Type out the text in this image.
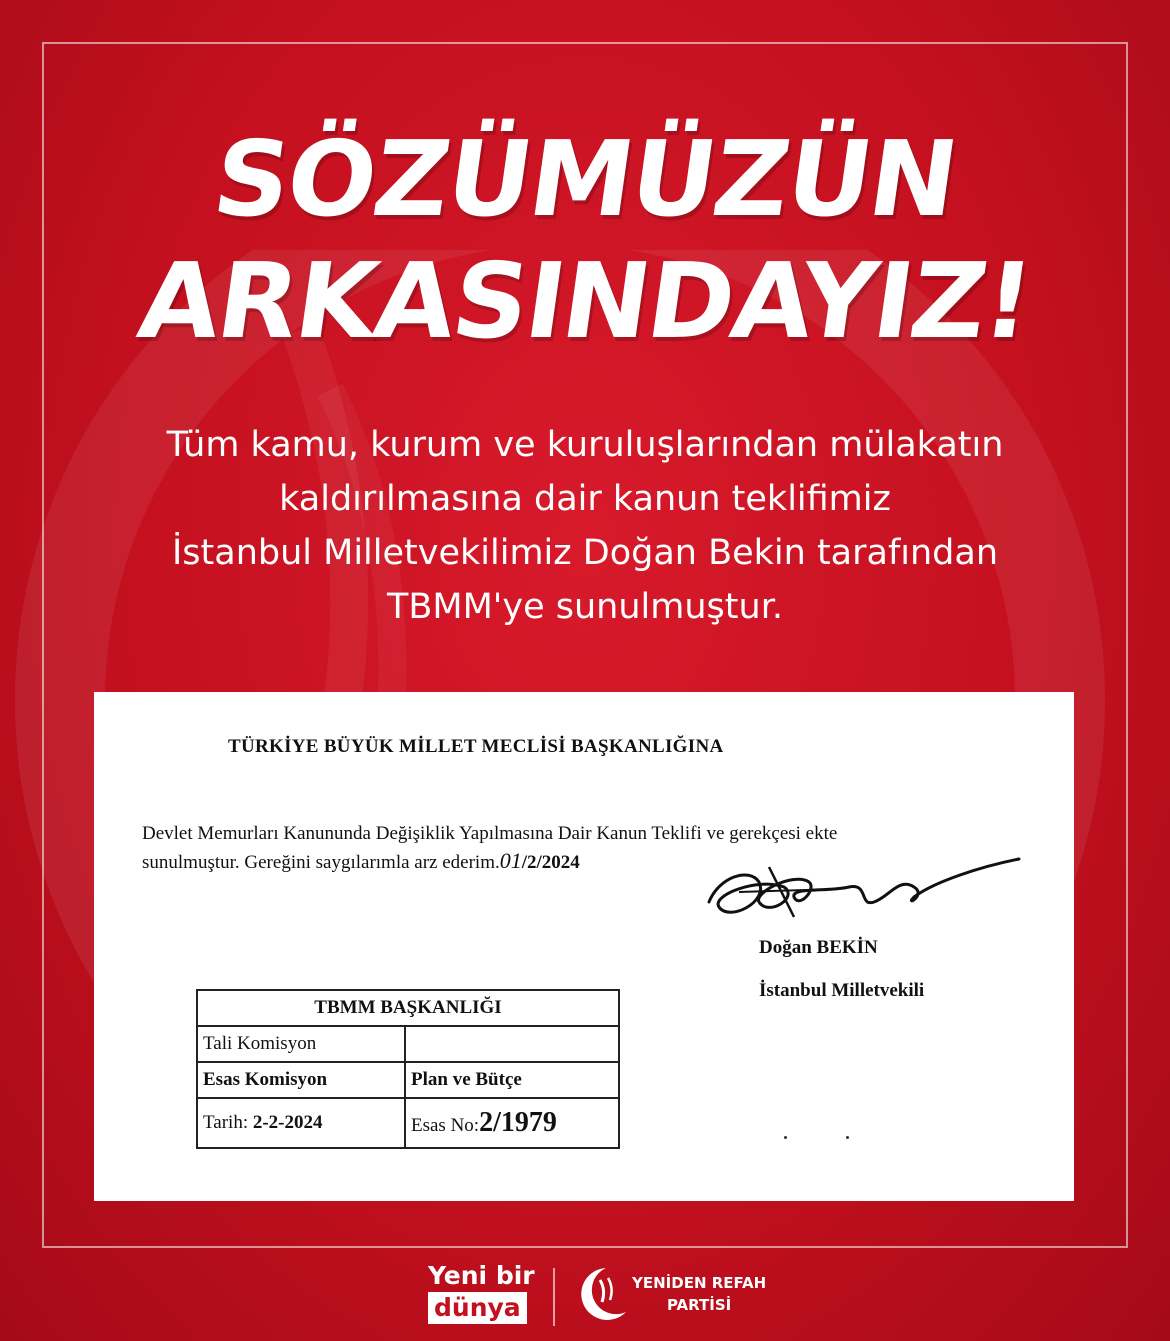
SÖZÜMÜZÜN
ARKASINDAYIZ!
Tüm kamu, kurum ve kuruluşlarından mülakatın
kaldırılmasına dair kanun teklifimiz
İstanbul Milletvekilimiz Doğan Bekin tarafından
TBMM'ye sunulmuştur.
TÜRKİYE BÜYÜK MİLLET MECLİSİ BAŞKANLIĞINA
Devlet Memurları Kanununda Değişiklik Yapılmasına Dair Kanun Teklifi ve gerekçesi ekte
sunulmuştur. Gereğini saygılarımla arz ederim.01/2/2024
Doğan BEKİN
İstanbul Milletvekili
TBMM BAŞKANLIĞI	
Tali Komisyon	
Esas Komisyon	Plan ve Bütçe
Tarih: 2-2-2024	Esas No:2/1979
Yeni bir
dünya
YENİDEN REFAH
PARTİSİ
